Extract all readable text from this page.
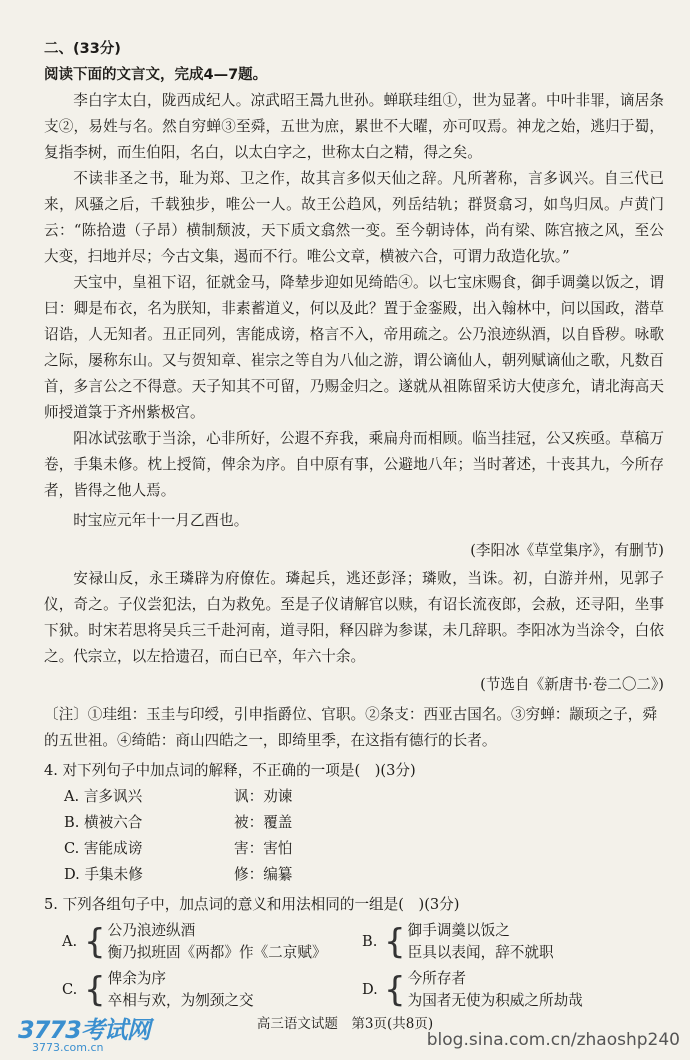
二、(33分)
阅读下面的文言文，完成4—7题。

李白字太白，陇西成纪人。凉武昭王暠九世孙。蝉联珪组①，世为显著。中叶非罪，谪居条支②，易姓与名。然自穷蝉③至舜，五世为庶，累世不大曜，亦可叹焉。神龙之始，逃归于蜀，复指李树，而生伯阳，名白，以太白字之，世称太白之精，得之矣。

不读非圣之书，耻为郑、卫之作，故其言多似天仙之辞。凡所著称，言多讽兴。自三代已来，风骚之后，千载独步，唯公一人。故王公趋风，列岳结轨；群贤翕习，如鸟归凤。卢黄门云：“陈拾遗（子昂）横制颓波，天下质文翕然一变。至今朝诗体，尚有梁、陈宫掖之风，至公大变，扫地并尽；今古文集，遏而不行。唯公文章，横被六合，可谓力敌造化欤。”

天宝中，皇祖下诏，征就金马，降辇步迎如见绮皓④。以七宝床赐食，御手调羹以饭之，谓曰：卿是布衣，名为朕知，非素蓄道义，何以及此？置于金銮殿，出入翰林中，问以国政，潜草诏诰，人无知者。丑正同列，害能成谤，格言不入，帝用疏之。公乃浪迹纵酒，以自昏秽。咏歌之际，屡称东山。又与贺知章、崔宗之等自为八仙之游，谓公谪仙人，朝列赋谪仙之歌，凡数百首，多言公之不得意。天子知其不可留，乃赐金归之。遂就从祖陈留采访大使彦允，请北海高天师授道箓于齐州紫极宫。

阳冰试弦歌于当涂，心非所好，公遐不弃我，乘扁舟而相顾。临当挂冠，公又疾亟。草稿万卷，手集未修。枕上授简，俾余为序。自中原有事，公避地八年；当时著述，十丧其九，今所存者，皆得之他人焉。

时宝应元年十一月乙酉也。

(李阳冰《草堂集序》，有删节)

安禄山反，永王璘辟为府僚佐。璘起兵，逃还彭泽；璘败，当诛。初，白游并州，见郭子仪，奇之。子仪尝犯法，白为救免。至是子仪请解官以赎，有诏长流夜郎，会赦，还寻阳，坐事下狱。时宋若思将吴兵三千赴河南，道寻阳，释囚辟为参谋，未几辞职。李阳冰为当涂令，白依之。代宗立，以左拾遗召，而白已卒，年六十余。

(节选自《新唐书·卷二〇二》)

〔注〕①珪组：玉圭与印绶，引申指爵位、官职。②条支：西亚古国名。③穷蝉：颛顼之子，舜的五世祖。④绮皓：商山四皓之一，即绮里季，在这指有德行的长者。

4. 对下列句子中加点词的解释，不正确的一项是(　)(3分)
A. 言多讽兴	讽：劝谏
B. 横被六合	被：覆盖
C. 害能成谤	害：害怕
D. 手集未修	修：编纂
5. 下列各组句子中，加点词的意义和用法相同的一组是(　)(3分)
A. { 公乃浪迹纵酒
衡乃拟班固《两都》作《二京赋》
B. { 御手调羹以饭之
臣具以表闻，辞不就职
C. { 俾余为序
卒相与欢，为刎颈之交
D. { 今所存者
为国者无使为积威之所劫哉
高三语文试题　第3页(共8页)
3773考试网
3773.com.cn	blog.sina.com.cn/zhaoshp240
